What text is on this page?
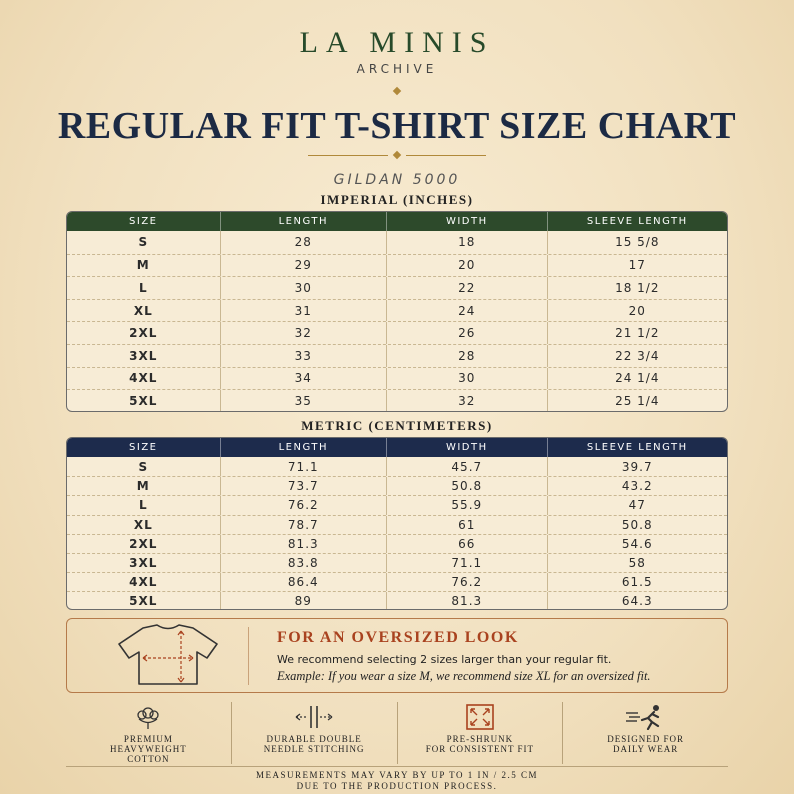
LA MINIS
ARCHIVE
REGULAR FIT T-SHIRT SIZE CHART
GILDAN 5000
IMPERIAL (INCHES)
SIZE	LENGTH	WIDTH	SLEEVE LENGTH
S	28	18	15 5/8
M	29	20	17
L	30	22	18 1/2
XL	31	24	20
2XL	32	26	21 1/2
3XL	33	28	22 3/4
4XL	34	30	24 1/4
5XL	35	32	25 1/4
METRIC (CENTIMETERS)
SIZE	LENGTH	WIDTH	SLEEVE LENGTH
S	71.1	45.7	39.7
M	73.7	50.8	43.2
L	76.2	55.9	47
XL	78.7	61	50.8
2XL	81.3	66	54.6
3XL	83.8	71.1	58
4XL	86.4	76.2	61.5
5XL	89	81.3	64.3
FOR AN OVERSIZED LOOK
We recommend selecting 2 sizes larger than your regular fit.
Example: If you wear a size M, we recommend size XL for an oversized fit.
PREMIUM
HEAVYWEIGHT
COTTON
DURABLE DOUBLE
NEEDLE STITCHING
PRE-SHRUNK
FOR CONSISTENT FIT
DESIGNED FOR
DAILY WEAR
MEASUREMENTS MAY VARY BY UP TO 1 IN / 2.5 CM
DUE TO THE PRODUCTION PROCESS.
